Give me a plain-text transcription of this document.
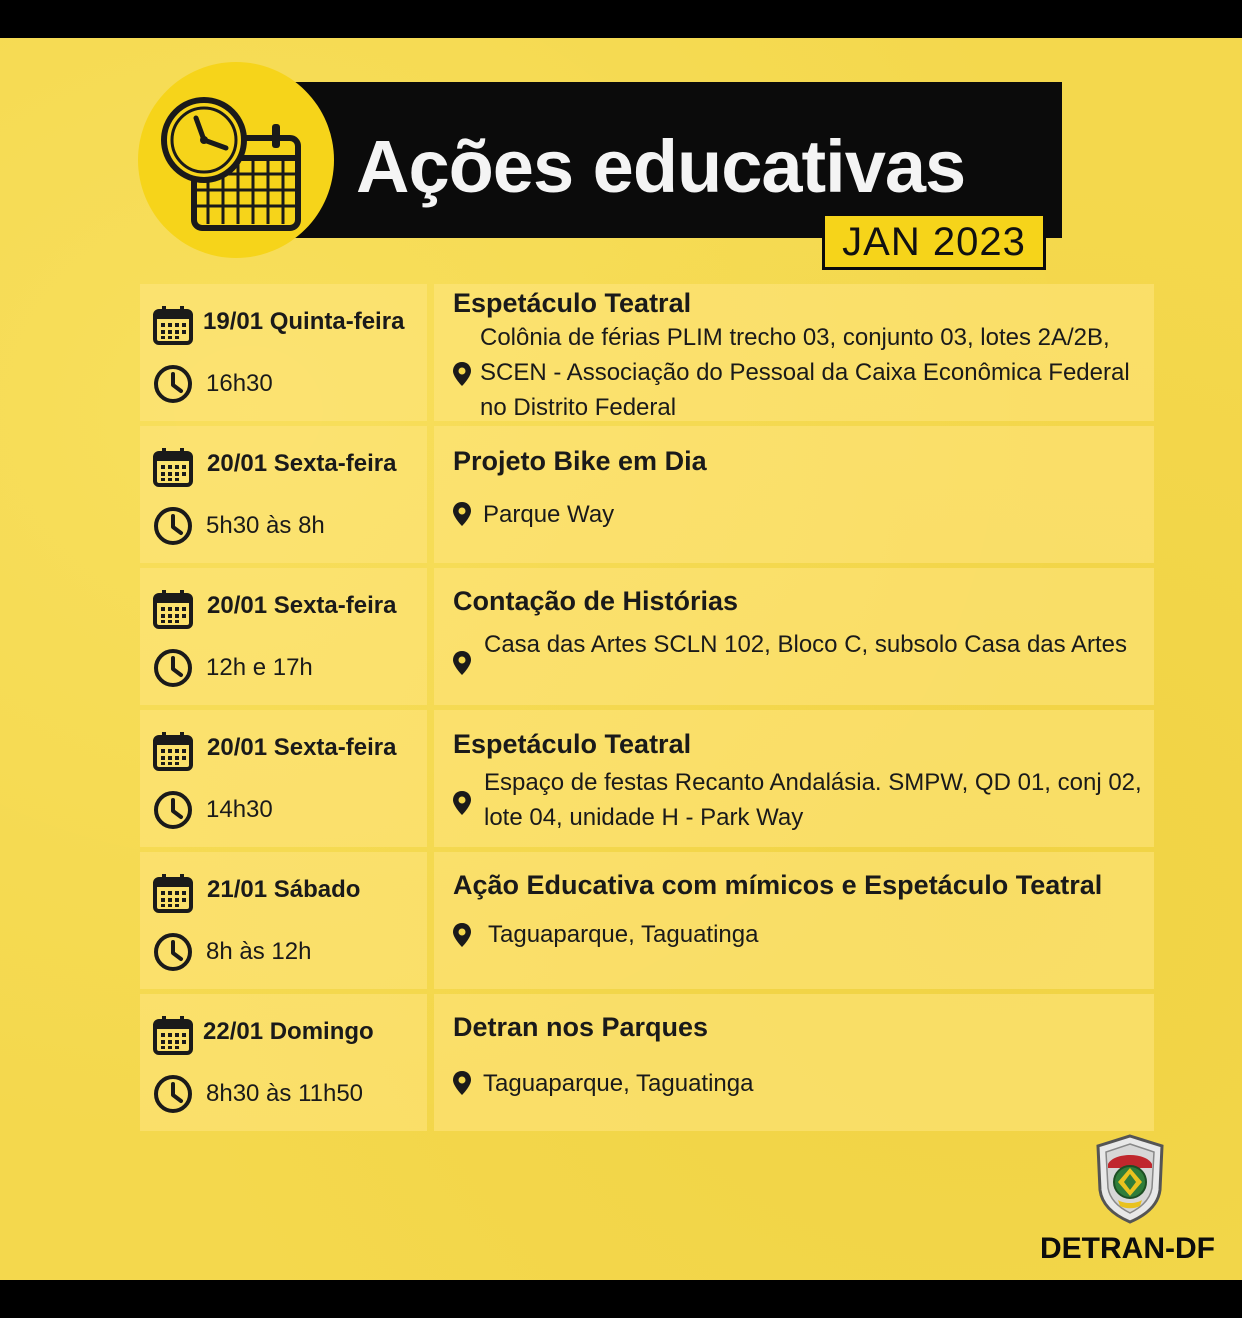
Ações educativas
JAN 2023
19/01 Quinta-feira
16h30
Espetáculo Teatral
Colônia de férias PLIM trecho 03, conjunto 03, lotes 2A/2B, SCEN - Associação do Pessoal da Caixa Econômica Federal no Distrito Federal
20/01 Sexta-feira
5h30 às 8h
Projeto Bike em Dia
Parque Way
20/01 Sexta-feira
12h e 17h
Contação de Histórias
Casa das Artes SCLN 102, Bloco C, subsolo Casa das Artes
20/01 Sexta-feira
14h30
Espetáculo Teatral
Espaço de festas Recanto Andalásia. SMPW, QD 01, conj 02, lote 04, unidade H - Park Way
21/01 Sábado
8h às 12h
Ação Educativa com mímicos e Espetáculo Teatral
Taguaparque, Taguatinga
22/01 Domingo
8h30 às 11h50
Detran nos Parques
Taguaparque, Taguatinga
DETRAN-DF
